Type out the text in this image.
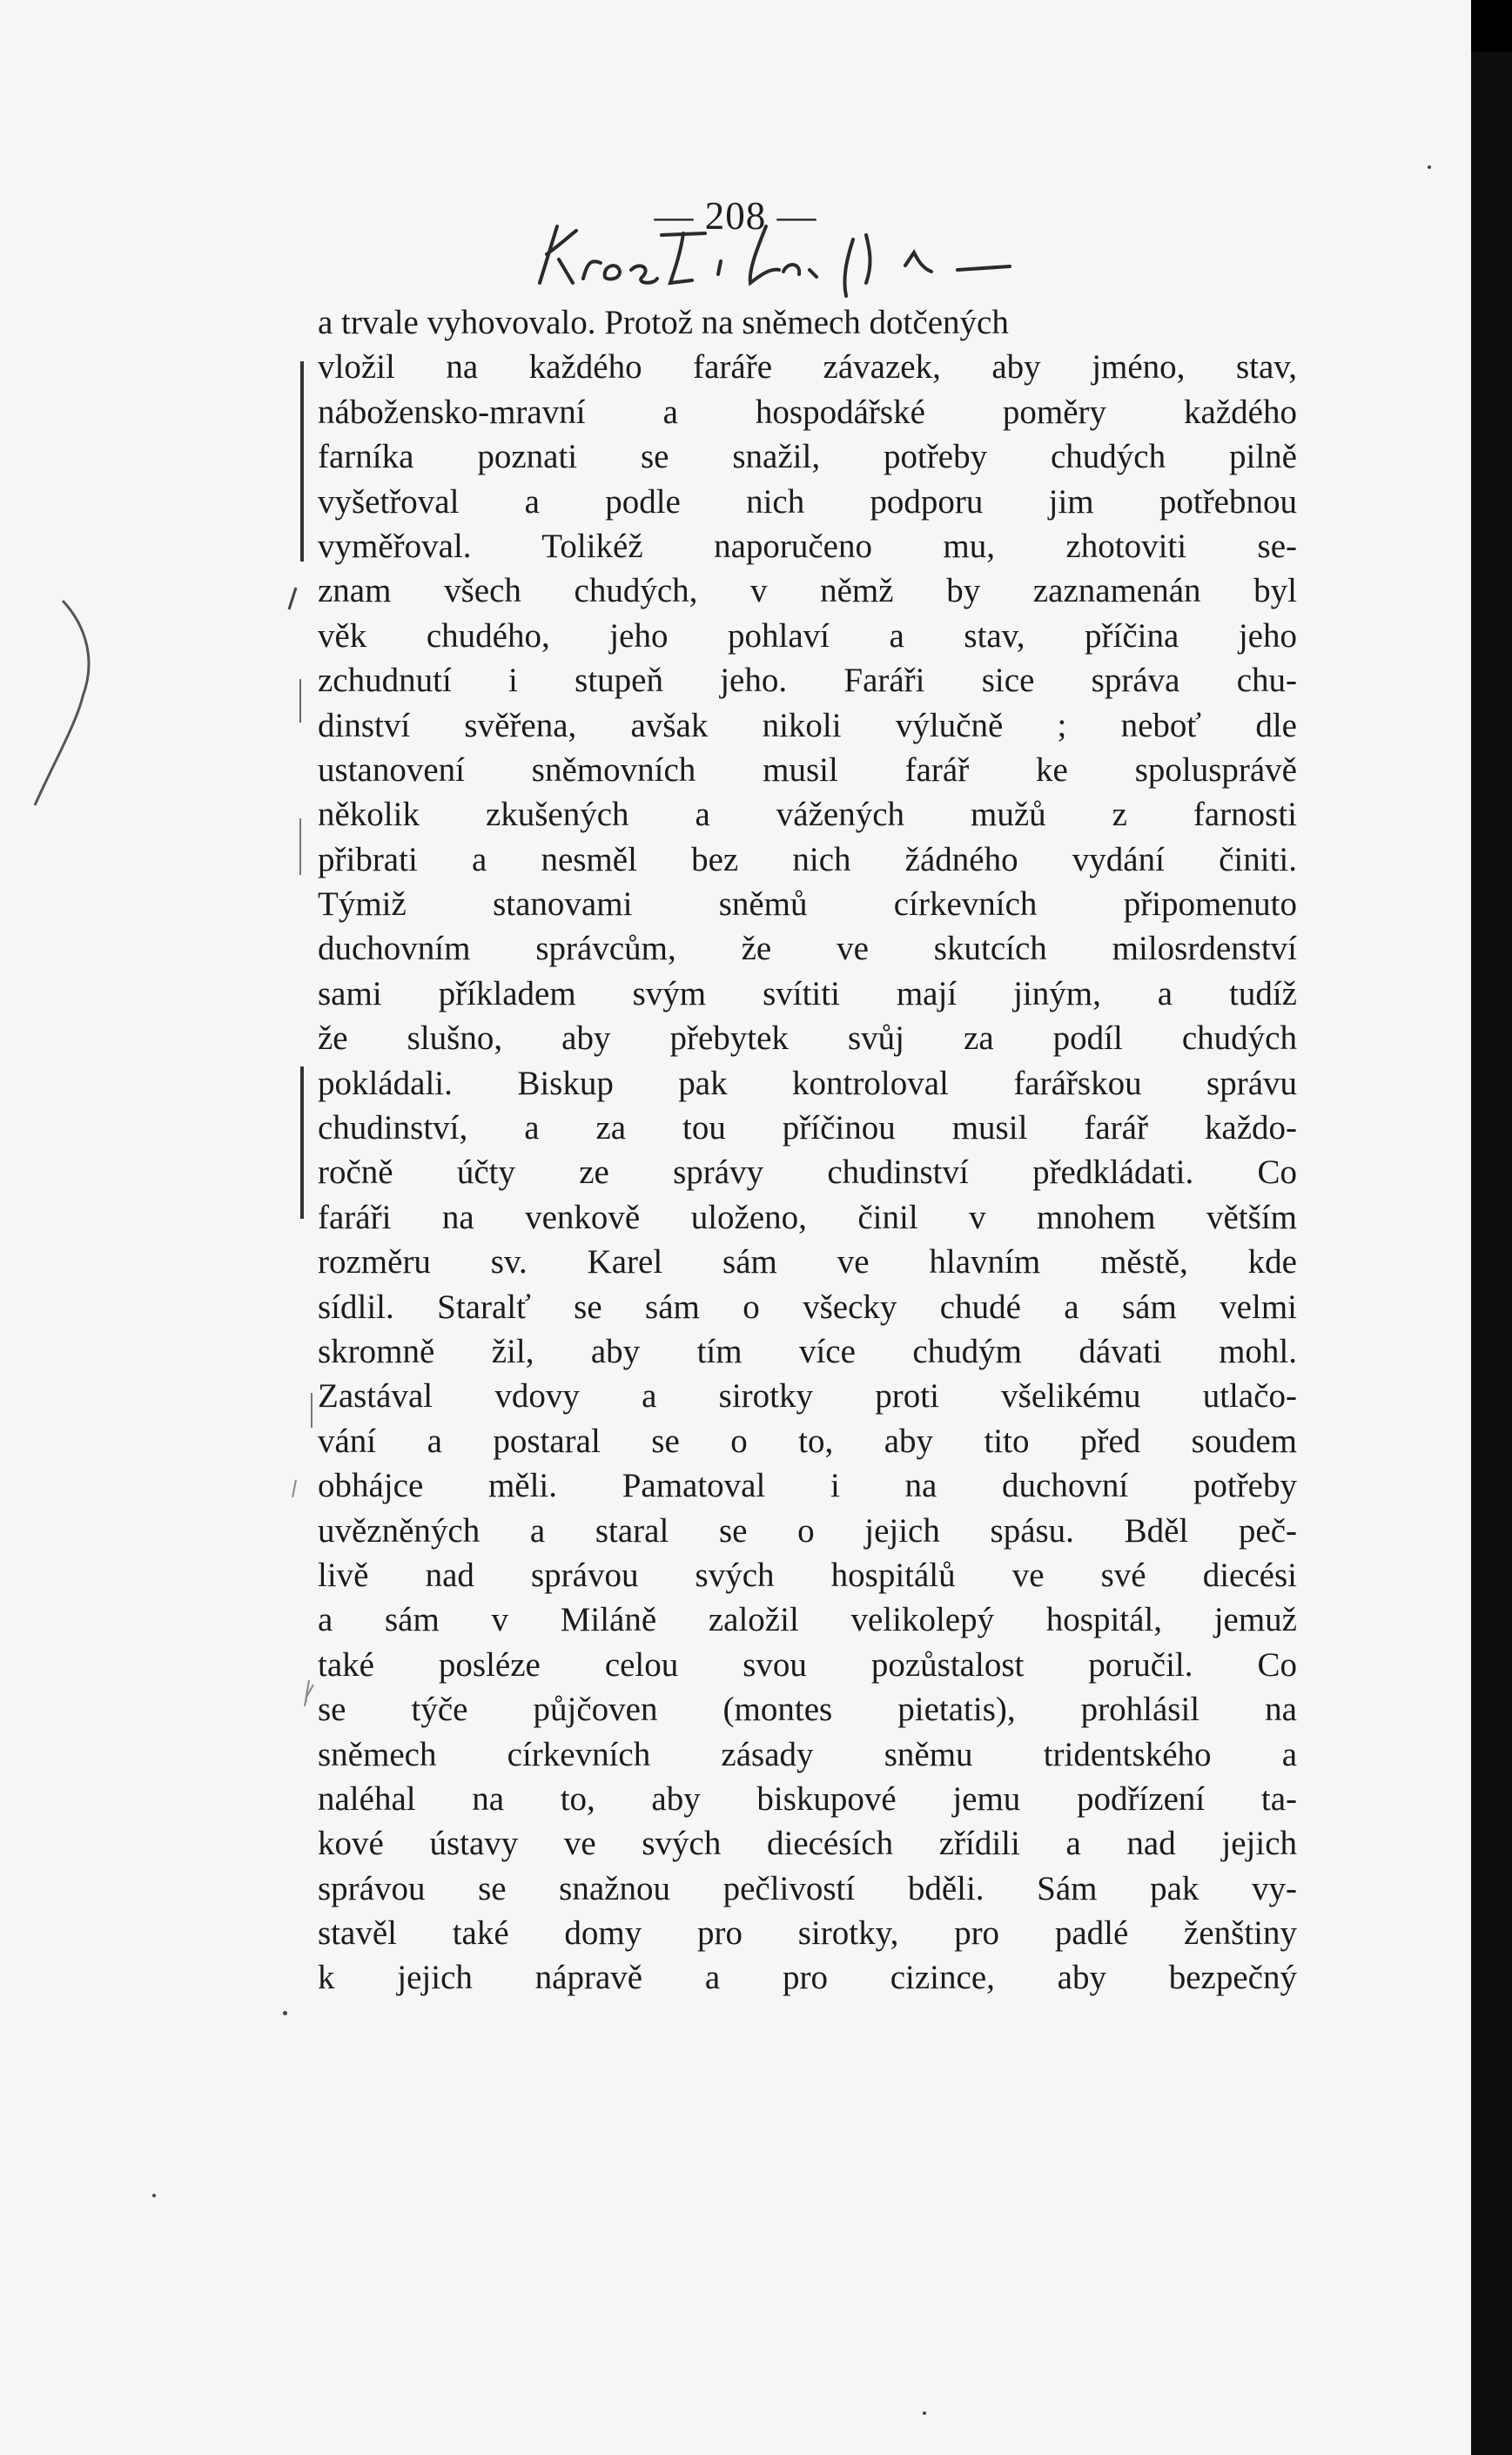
— 208 —
Křesť. lásk–
a trvale vyhovovalo. Protož na sněmech dotčených
vložil na každého faráře závazek, aby jméno, stav,
nábožensko-mravní a hospodářské poměry každého
farníka poznati se snažil, potřeby chudých pilně
vyšetřoval a podle nich podporu jim potřebnou
vyměřoval. Tolikéž naporučeno mu, zhotoviti se-
znam všech chudých, v němž by zaznamenán byl
věk chudého, jeho pohlaví a stav, příčina jeho
zchudnutí i stupeň jeho. Faráři sice správa chu-
dinství svěřena, avšak nikoli výlučně ; neboť dle
ustanovení sněmovních musil farář ke spolusprávě
několik zkušených a vážených mužů z farnosti
přibrati a nesměl bez nich žádného vydání činiti.
Týmiž stanovami sněmů církevních připomenuto
duchovním správcům, že ve skutcích milosrdenství
sami příkladem svým svítiti mají jiným, a tudíž
že slušno, aby přebytek svůj za podíl chudých
pokládali. Biskup pak kontroloval farářskou správu
chudinství, a za tou příčinou musil farář každo-
ročně účty ze správy chudinství předkládati. Co
faráři na venkově uloženo, činil v mnohem větším
rozměru sv. Karel sám ve hlavním městě, kde
sídlil. Staralť se sám o všecky chudé a sám velmi
skromně žil, aby tím více chudým dávati mohl.
Zastával vdovy a sirotky proti všelikému utlačo-
vání a postaral se o to, aby tito před soudem
obhájce měli. Pamatoval i na duchovní potřeby
uvězněných a staral se o jejich spásu. Bděl peč-
livě nad správou svých hospitálů ve své diecési
a sám v Miláně založil velikolepý hospitál, jemuž
také posléze celou svou pozůstalost poručil. Co
se týče půjčoven (montes pietatis), prohlásil na
sněmech církevních zásady sněmu tridentského a
naléhal na to, aby biskupové jemu podřízení ta-
kové ústavy ve svých diecésích zřídili a nad jejich
správou se snažnou pečlivostí bděli. Sám pak vy-
stavěl také domy pro sirotky, pro padlé ženštiny
k jejich nápravě a pro cizince, aby bezpečný
